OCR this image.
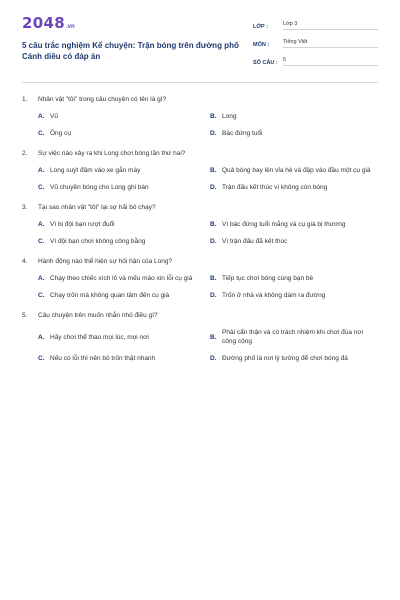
2048 .vn
5 câu trắc nghiệm Kể chuyện: Trận bóng trên đường phố Cánh diều có đáp án
LỚP :	Lớp 3
MÔN :	Tiếng Việt
SỐ CÂU : 5
1.	Nhân vật "tôi" trong câu chuyện có tên là gì?
A. Vũ	B. Long
C. Ông cụ	D. Bác đứng tuổi
2.	Sự việc nào xảy ra khi Long chơi bóng lần thứ hai?
A. Long suýt đâm vào xe gắn máy	B. Quả bóng bay lên vỉa hè và đập vào đầu một cụ già
C. Vũ chuyền bóng cho Long ghi bàn	D. Trận đấu kết thúc vì không còn bóng
3.	Tại sao nhân vật "tôi" lại sợ hãi bỏ chạy?
A. Vì bị đội bạn rượt đuổi	B. Vì bác đứng tuổi mắng và cụ già bị thương
C. Vì đội bạn chơi không công bằng	D. Vì trận đấu đã kết thúc
4.	Hành động nào thể hiện sự hối hận của Long?
A. Chạy theo chiếc xích lô và mếu máo xin lỗi cụ già	B. Tiếp tục chơi bóng cùng bạn bè
C. Chạy trốn mà không quan tâm đến cụ già	D. Trốn ở nhà và không dám ra đường
5.	Câu chuyện trên muốn nhắn nhủ điều gì?
A. Hãy chơi thể thao mọi lúc, mọi nơi	B.
Phải cẩn thận và có trách nhiệm khi chơi đùa nơi công cộng
C. Nếu có lỗi thì nên bỏ trốn thật nhanh	D. Đường phố là nơi lý tưởng để chơi bóng đá
